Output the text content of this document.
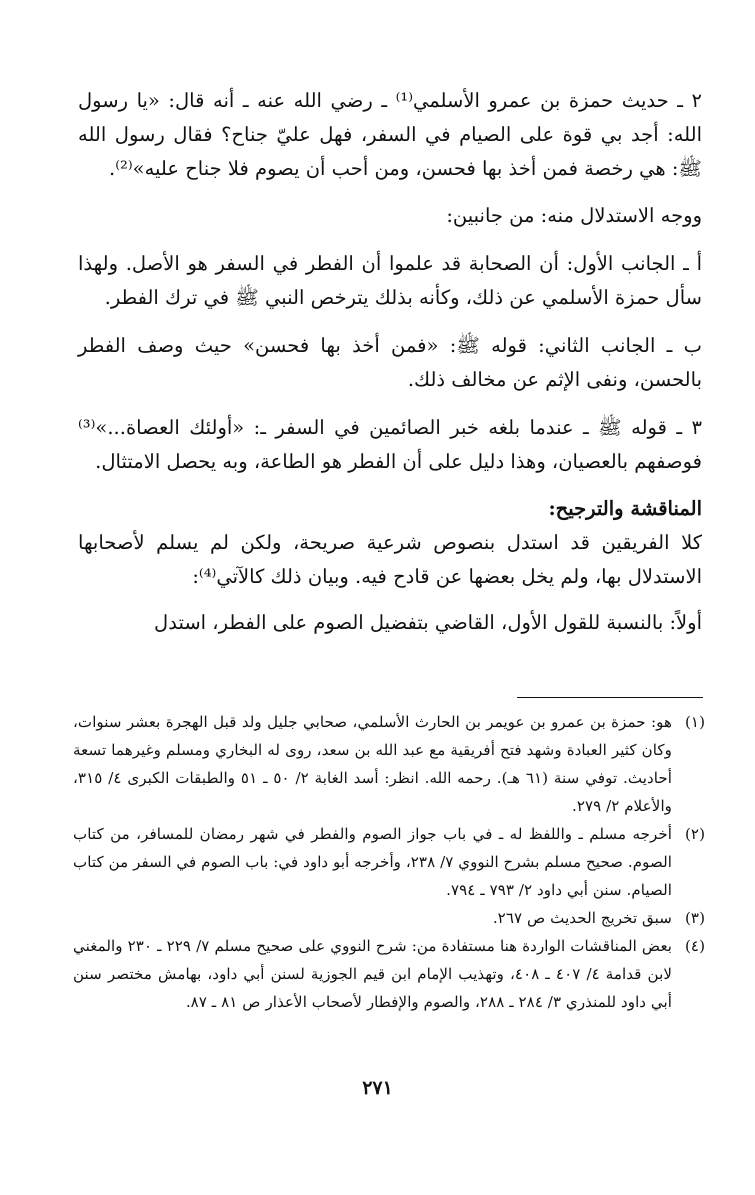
٢ ـ حديث حمزة بن عمرو الأسلمي⁽¹⁾ ـ رضي الله عنه ـ أنه قال: «يا رسول الله: أجد بي قوة على الصيام في السفر، فهل عليّ جناح؟ فقال رسول الله ﷺ: هي رخصة فمن أخذ بها فحسن، ومن أحب أن يصوم فلا جناح عليه»⁽²⁾.

ووجه الاستدلال منه: من جانبين:

أ ـ الجانب الأول: أن الصحابة قد علموا أن الفطر في السفر هو الأصل. ولهذا سأل حمزة الأسلمي عن ذلك، وكأنه بذلك يترخص النبي ﷺ في ترك الفطر.

ب ـ الجانب الثاني: قوله ﷺ: «فمن أخذ بها فحسن» حيث وصف الفطر بالحسن، ونفى الإثم عن مخالف ذلك.

٣ ـ قوله ﷺ ـ عندما بلغه خبر الصائمين في السفر ـ: «أولئك العصاة...»⁽³⁾ فوصفهم بالعصيان، وهذا دليل على أن الفطر هو الطاعة، وبه يحصل الامتثال.

المناقشة والترجيح:

كلا الفريقين قد استدل بنصوص شرعية صريحة، ولكن لم يسلم لأصحابها الاستدلال بها، ولم يخل بعضها عن قادح فيه. وبيان ذلك كالآتي⁽⁴⁾:

أولاً: بالنسبة للقول الأول، القاضي بتفضيل الصوم على الفطر، استدل

(١)
هو: حمزة بن عمرو بن عويمر بن الحارث الأسلمي، صحابي جليل ولد قبل الهجرة بعشر سنوات، وكان كثير العبادة وشهد فتح أفريقية مع عبد الله بن سعد، روى له البخاري ومسلم وغيرهما تسعة أحاديث. توفي سنة (٦١ هـ). رحمه الله. انظر: أسد الغابة ٢/ ٥٠ ـ ٥١ والطبقات الكبرى ٤/ ٣١٥، والأعلام ٢/ ٢٧٩.
(٢)
أخرجه مسلم ـ واللفظ له ـ في باب جواز الصوم والفطر في شهر رمضان للمسافر، من كتاب الصوم. صحيح مسلم بشرح النووي ٧/ ٢٣٨، وأخرجه أبو داود في: باب الصوم في السفر من كتاب الصيام. سنن أبي داود ٢/ ٧٩٣ ـ ٧٩٤.
(٣)
سبق تخريج الحديث ص ٢٦٧.
(٤)
بعض المناقشات الواردة هنا مستفادة من: شرح النووي على صحيح مسلم ٧/ ٢٢٩ ـ ٢٣٠ والمغني لابن قدامة ٤/ ٤٠٧ ـ ٤٠٨، وتهذيب الإمام ابن قيم الجوزية لسنن أبي داود، بهامش مختصر سنن أبي داود للمنذري ٣/ ٢٨٤ ـ ٢٨٨، والصوم والإفطار لأصحاب الأعذار ص ٨١ ـ ٨٧.
٢٧١
